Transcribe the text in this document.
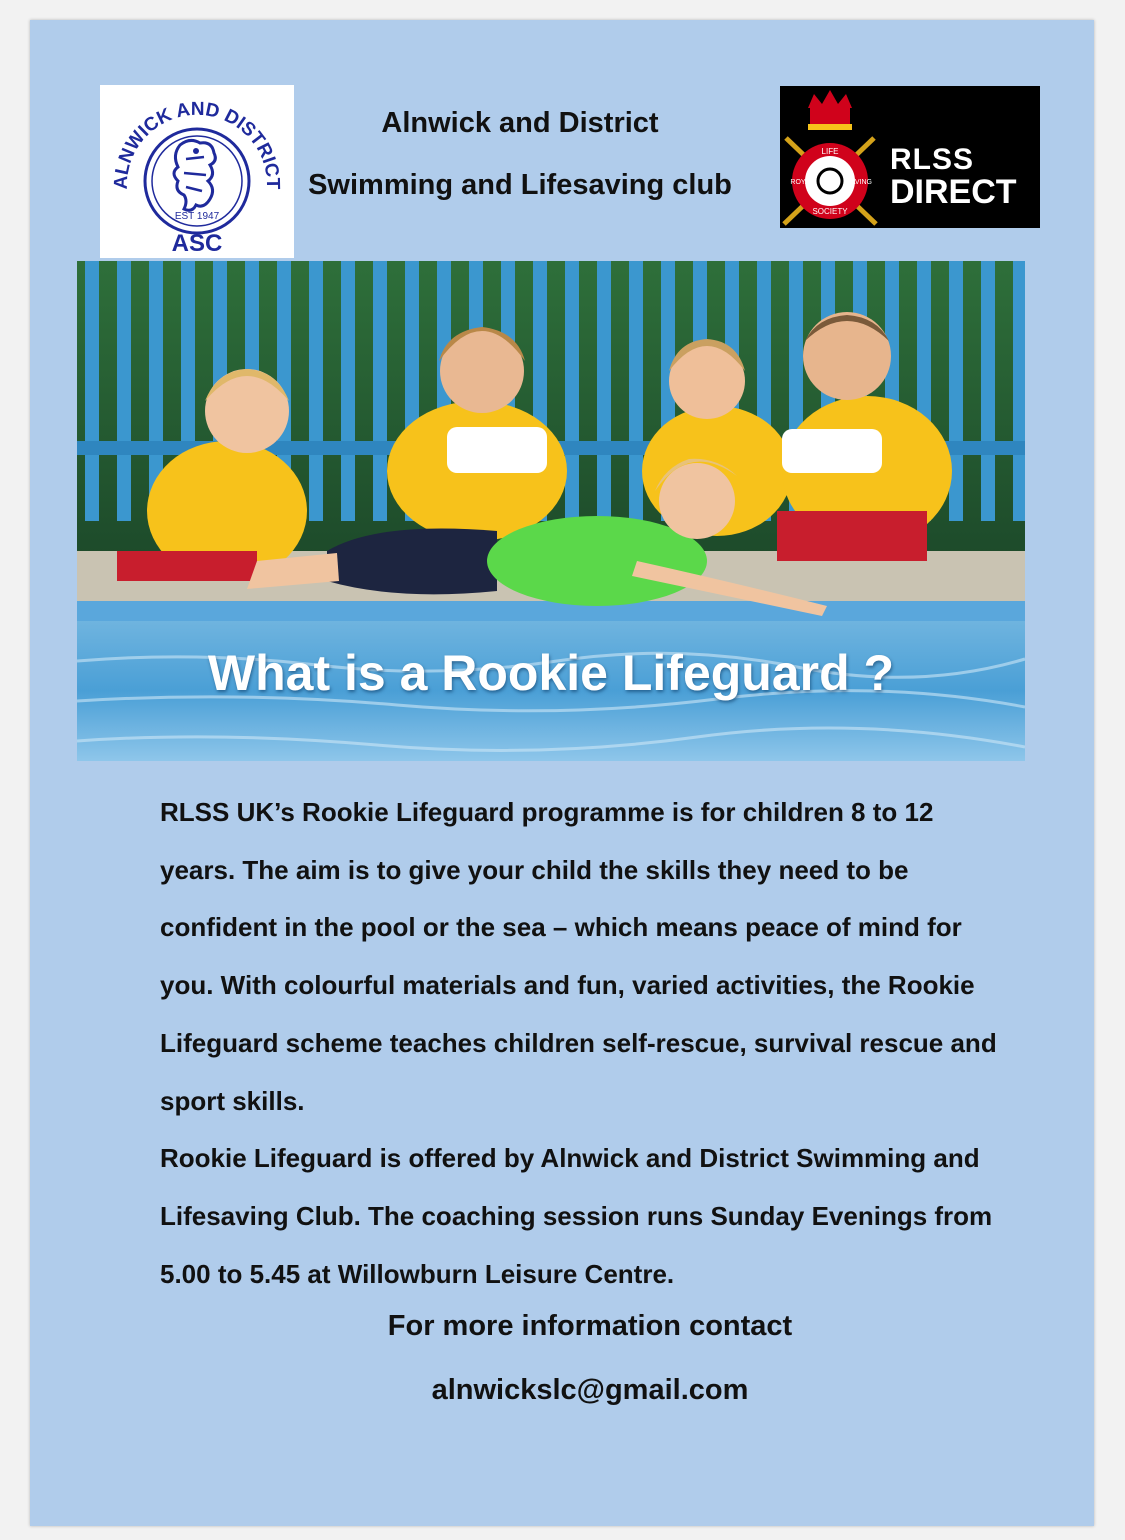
ALNWICK AND DISTRICT
EST 1947
ASC
Alnwick and District
Swimming and Lifesaving club
LIFE
SOCIETY
ROYAL	SAVING
RLSS
DIRECT
What is a Rookie Lifeguard ?

RLSS UK’s Rookie Lifeguard programme is for children 8 to 12 years. The aim is to give your child the skills they need to be confident in the pool or the sea – which means peace of mind for you. With colourful materials and fun, varied activities, the Rookie Lifeguard scheme teaches children self-rescue, survival rescue and sport skills.

Rookie Lifeguard is offered by Alnwick and District Swimming and Lifesaving Club. The coaching session runs Sunday Evenings from 5.00 to 5.45 at Willowburn Leisure Centre.

For more information contact
alnwickslc@gmail.com
